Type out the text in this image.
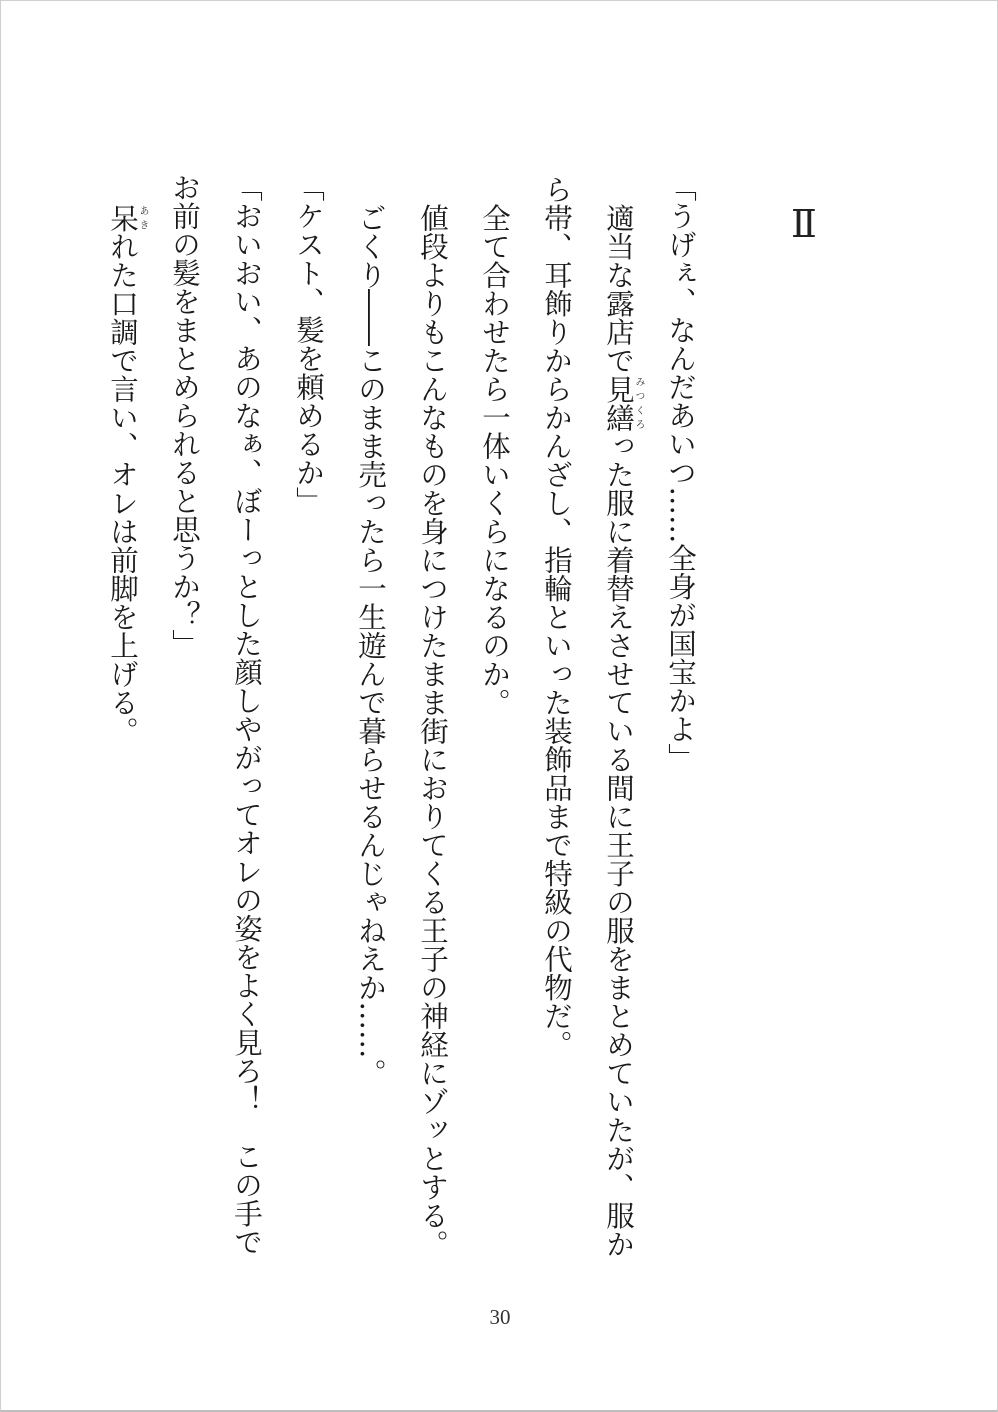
Ⅱ

「うげぇ、なんだあいつ……全身が国宝かよ」

　適当な露店で見繕みつくろった服に着替えさせている間に王子の服をまとめていたが、服から帯、耳飾りからかんざし、指輪といった装飾品まで特級の代物だ。

　全て合わせたら一体いくらになるのか。

　値段よりもこんなものを身につけたまま街におりてくる王子の神経にゾッとする。

　ごくり――このまま売ったら一生遊んで暮らせるんじゃねえか……。

「ケスト、髪を頼めるか」

「おいおい、あのなぁ、ぼーっとした顔しやがってオレの姿をよく見ろ！　この手でお前の髪をまとめられると思うか？」

　呆あきれた口調で言い、オレは前脚を上げる。

30
